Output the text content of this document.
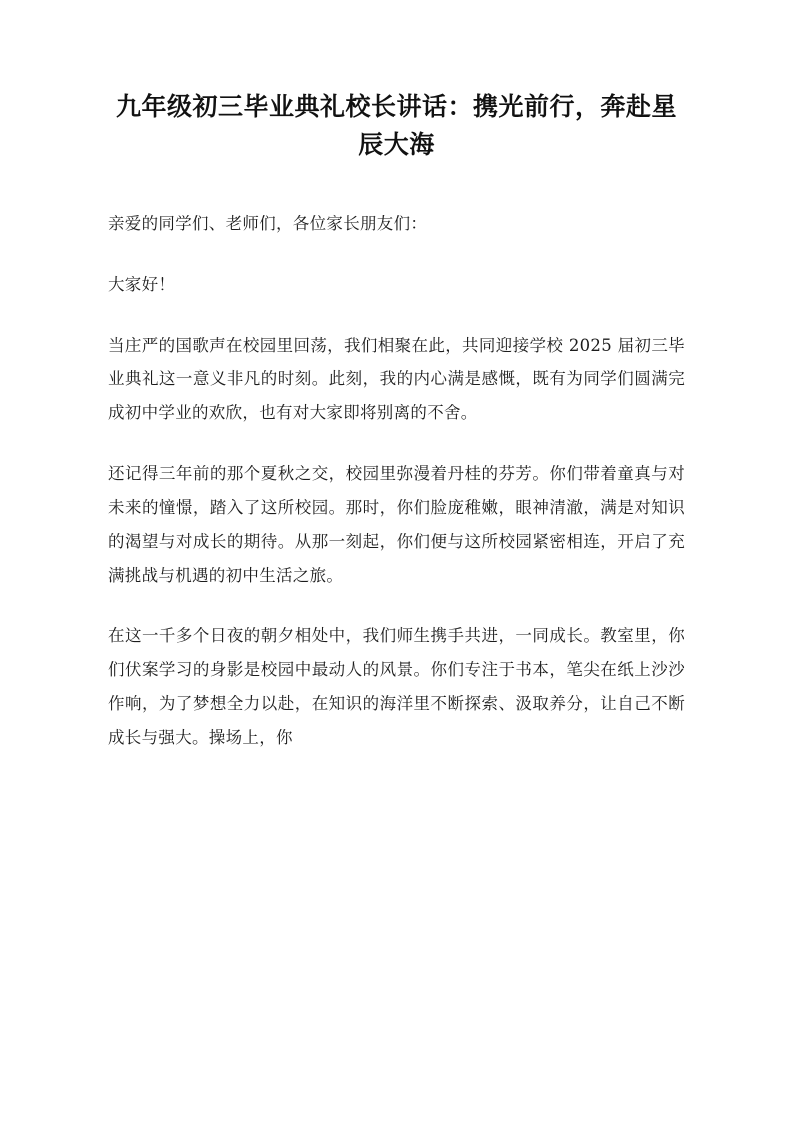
九年级初三毕业典礼校长讲话：携光前行，奔赴星辰大海

亲爱的同学们、老师们，各位家长朋友们：

大家好！

当庄严的国歌声在校园里回荡，我们相聚在此，共同迎接学校 2025 届初三毕业典礼这一意义非凡的时刻。此刻，我的内心满是感慨，既有为同学们圆满完成初中学业的欢欣，也有对大家即将别离的不舍。

还记得三年前的那个夏秋之交，校园里弥漫着丹桂的芬芳。你们带着童真与对未来的憧憬，踏入了这所校园。那时，你们脸庞稚嫩，眼神清澈，满是对知识的渴望与对成长的期待。从那一刻起，你们便与这所校园紧密相连，开启了充满挑战与机遇的初中生活之旅。

在这一千多个日夜的朝夕相处中，我们师生携手共进，一同成长。教室里，你们伏案学习的身影是校园中最动人的风景。你们专注于书本，笔尖在纸上沙沙作响，为了梦想全力以赴，在知识的海洋里不断探索、汲取养分，让自己不断成长与强大。操场上，你
